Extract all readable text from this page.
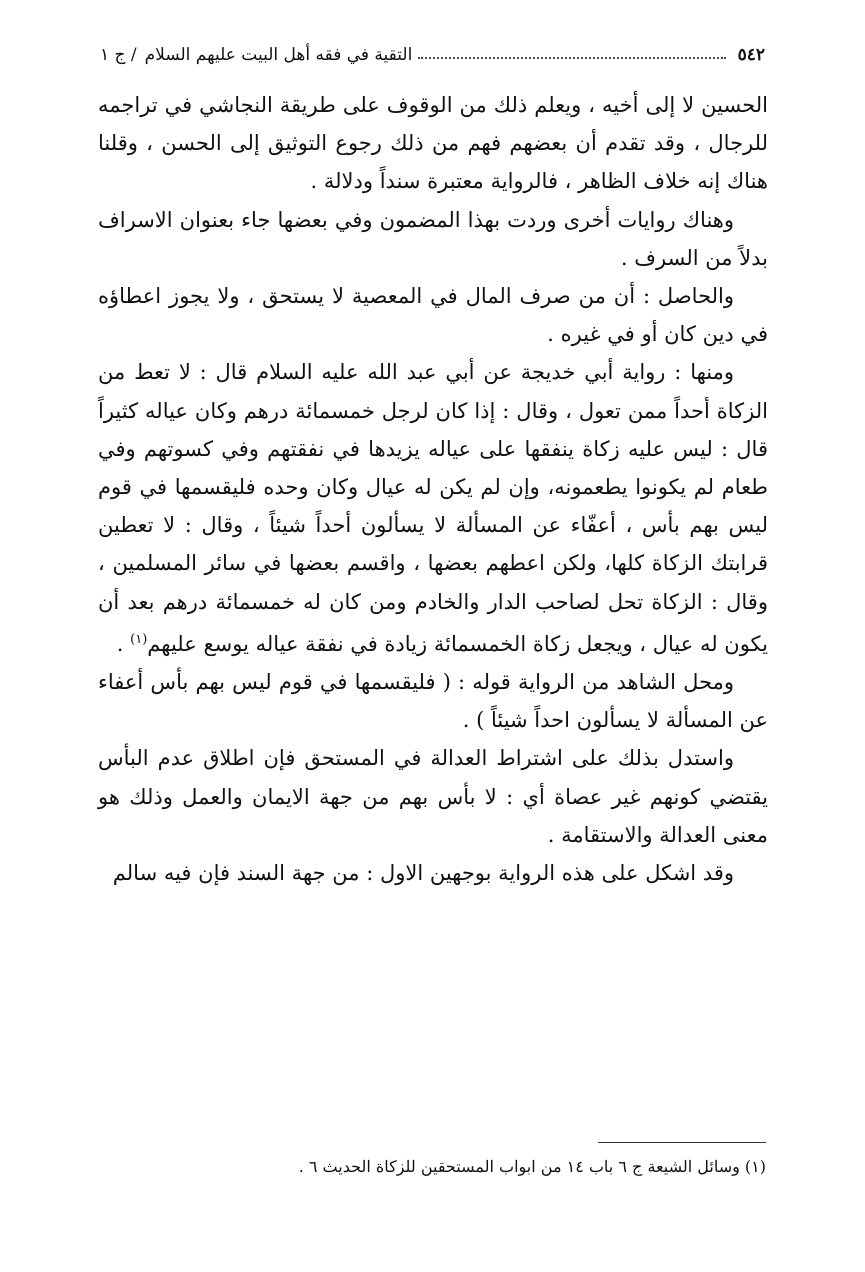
٥٤٢
التقية في فقه أهل البيت عليهم السلام
/ ج ١

الحسين لا إلى أخيه ، ويعلم ذلك من الوقوف على طريقة النجاشي في تراجمه للرجال ، وقد تقدم أن بعضهم فهم من ذلك رجوع التوثيق إلى الحسن ، وقلنا هناك إنه خلاف الظاهر ، فالرواية معتبرة سنداً ودلالة .

وهناك روايات أخرى وردت بهذا المضمون وفي بعضها جاء بعنوان الاسراف بدلاً من السرف .

والحاصل : أن من صرف المال في المعصية لا يستحق ، ولا يجوز اعطاؤه في دين كان أو في غيره .

ومنها : رواية أبي خديجة عن أبي عبد الله عليه السلام قال : لا تعط من الزكاة أحداً ممن تعول ، وقال : إذا كان لرجل خمسمائة درهم وكان عياله كثيراً قال : ليس عليه زكاة ينفقها على عياله يزيدها في نفقتهم وفي كسوتهم وفي طعام لم يكونوا يطعمونه، وإن لم يكن له عيال وكان وحده فليقسمها في قوم ليس بهم بأس ، أعفّاء عن المسألة لا يسألون أحداً شيئاً ، وقال : لا تعطين قرابتك الزكاة كلها، ولكن اعطهم بعضها ، واقسم بعضها في سائر المسلمين ، وقال : الزكاة تحل لصاحب الدار والخادم ومن كان له خمسمائة درهم بعد أن يكون له عيال ، ويجعل زكاة الخمسمائة زيادة في نفقة عياله يوسع عليهم$^{(١)}$ .

ومحل الشاهد من الرواية قوله : ( فليقسمها في قوم ليس بهم بأس أعفاء عن المسألة لا يسألون احداً شيئاً ) .

واستدل بذلك على اشتراط العدالة في المستحق فإن اطلاق عدم البأس يقتضي كونهم غير عصاة أي : لا بأس بهم من جهة الايمان والعمل وذلك هو معنى العدالة والاستقامة .

وقد اشكل على هذه الرواية بوجهين الاول : من جهة السند فإن فيه سالم

(١) وسائل الشيعة ج ٦ باب ١٤ من ابواب المستحقين للزكاة الحديث ٦ .
